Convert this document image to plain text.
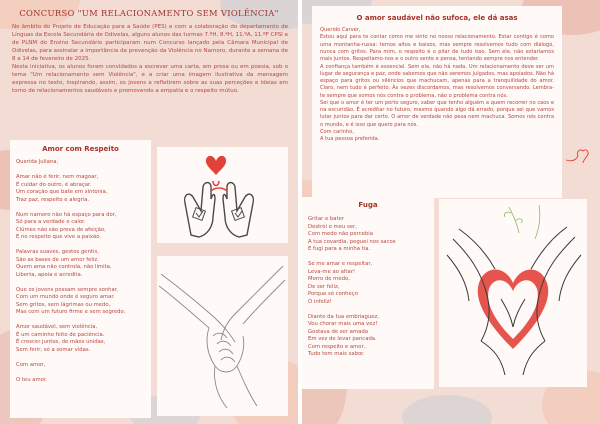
CONCURSO "UM RELACIONAMENTO SEM VIOLÊNCIA"

No âmbito do Projeto de Educação para a Saúde (PES) e com a colaboração do departamento de Línguas da Escola Secundária de Odivelas, alguns alunos das turmas 7.ºH, 8.ºH, 11.ºA, 11.ºF CPSI e de PLNM do Ensino Secundário participaram num Concurso lançado pela Câmara Municipal de Odivelas, para assinalar a importância da prevenção da Violência no Namoro, durante a semana de 8 a 14 de fevereiro de 2025.

Nesta iniciativa, os alunos foram convidados a escrever uma carta, em prosa ou em poesia, sob o tema "Um relacionamento sem Violência", e a criar uma imagem ilustrativa da mensagem expressa no texto, inspirando, assim, os jovens a refletirem sobre as suas perceções e ideias em torno de relacionamentos saudáveis e promovendo a empatia e o respeito mútuo.

Amor com Respeito
Querida Juliana,
Amar não é ferir, nem magoar,
É cuidar do outro, é abraçar.
Um coração que bate em sintonia,
Traz paz, respeito e alegria.
Num namoro não há espaço para dor,
Só para a verdade e calor.
Ciúmes não são prova de afeição,
E no respeito que vive a paixão.
Palavras suaves, gestos gentis,
São as bases de um amor feliz.
Quem ama não controla, não limita,
Liberta, apoia e acredita.
Que os jovens possam sempre sonhar,
Com um mundo onde é seguro amar.
Sem gritos, sem lágrimas ou medo,
Mas com um futuro firme e sem segredo.
Amor saudável, sem violência,
É um caminho feito de paciência.
É crescer juntos, de mãos unidas,
Sem ferir, só a somar vidas.
Com amor,
O teu amor.
O amor saudável não sufoca, ele dá asas

Querido Carver,

Estou aqui para te contar como me sinto no nosso relacionamento. Estar contigo é como uma montanha-russa: temos altos e baixos, mas sempre resolvemos tudo com diálogo, nunca com gritos. Para mim, o respeito é o pilar de tudo isso. Sem ele, não estaríamos mais juntos. Respeitamo-nos e o outro sente e pensa, tentando sempre nos entender.

A confiança também é essencial. Sem ela, não há nada. Um relacionamento deve ser um lugar de segurança e paz, onde sabemos que não seremos julgados, mas apoiados. Não há espaço para gritos ou silêncios que machucam, apenas para a tranquilidade do amor. Claro, nem tudo é perfeito. Às vezes discordamos, mas resolvemos conversando. Lembra-te sempre que somos nós contra o problema, não o problema contra nós.

Sei que o amor é ter um porto seguro, saber que tenho alguém a quem recorrer no caos e na escuridão. É acreditar no futuro, mesmo quando algo dá errado, porque sei que vamos lutar juntos para dar certo. O amor de verdade não pesa nem machuca. Somos nós contra o mundo, e é isso que quero para nós.

Com carinho,

A tua pessoa preferida.

Fuga
Gritar e bater
Destrói o meu ser,
Com medo não percebia
A tua covardia, peguei nos sacos
E fugi para a minha tia.
Se me amar e respeitar,
Leva-me ao altar!
Morro de medo,
De ser feliz,
Porque só conheço
O infeliz!
Diante da tua embriaguez,
Vou chorar mais uma vez!
Gostava de ser amada
Em vez de levar pancada.
Com respeito e amor,
Tudo tem mais sabor.
